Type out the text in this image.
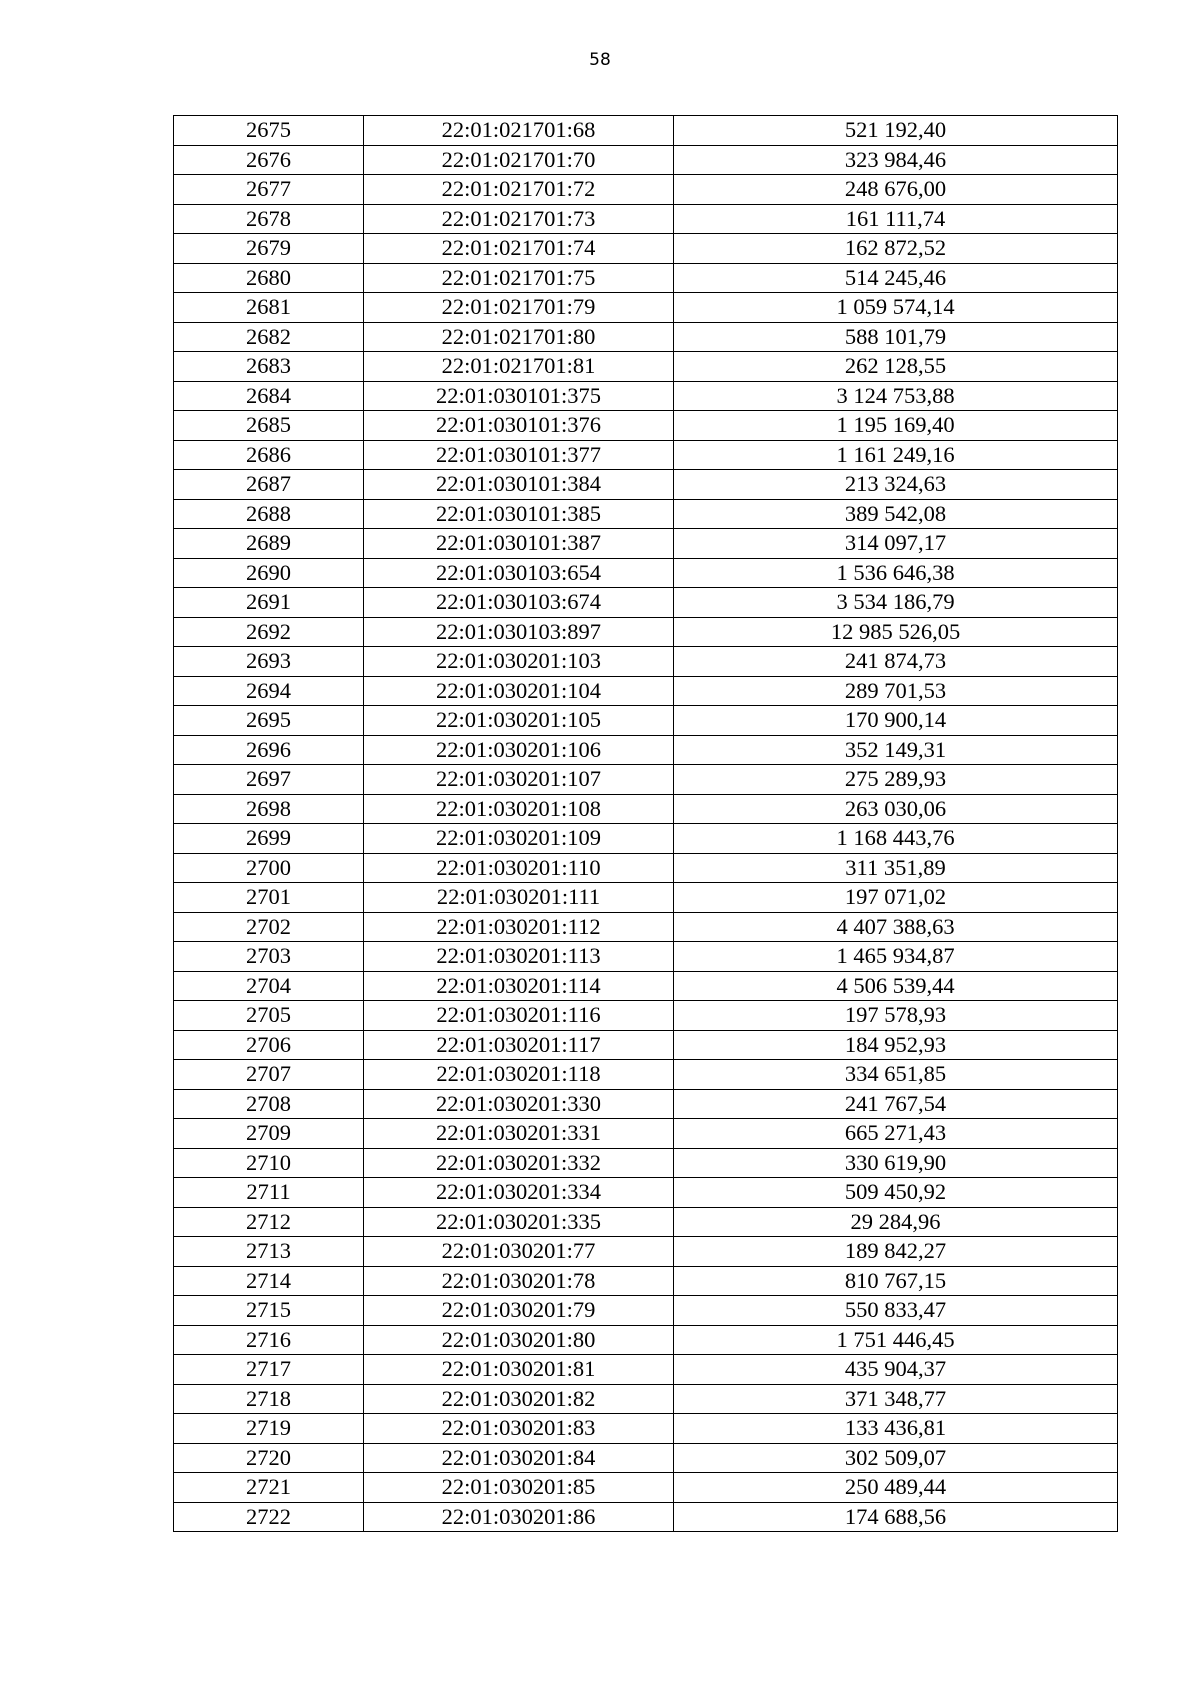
58
2675	22:01:021701:68	521 192,40
2676	22:01:021701:70	323 984,46
2677	22:01:021701:72	248 676,00
2678	22:01:021701:73	161 111,74
2679	22:01:021701:74	162 872,52
2680	22:01:021701:75	514 245,46
2681	22:01:021701:79	1 059 574,14
2682	22:01:021701:80	588 101,79
2683	22:01:021701:81	262 128,55
2684	22:01:030101:375	3 124 753,88
2685	22:01:030101:376	1 195 169,40
2686	22:01:030101:377	1 161 249,16
2687	22:01:030101:384	213 324,63
2688	22:01:030101:385	389 542,08
2689	22:01:030101:387	314 097,17
2690	22:01:030103:654	1 536 646,38
2691	22:01:030103:674	3 534 186,79
2692	22:01:030103:897	12 985 526,05
2693	22:01:030201:103	241 874,73
2694	22:01:030201:104	289 701,53
2695	22:01:030201:105	170 900,14
2696	22:01:030201:106	352 149,31
2697	22:01:030201:107	275 289,93
2698	22:01:030201:108	263 030,06
2699	22:01:030201:109	1 168 443,76
2700	22:01:030201:110	311 351,89
2701	22:01:030201:111	197 071,02
2702	22:01:030201:112	4 407 388,63
2703	22:01:030201:113	1 465 934,87
2704	22:01:030201:114	4 506 539,44
2705	22:01:030201:116	197 578,93
2706	22:01:030201:117	184 952,93
2707	22:01:030201:118	334 651,85
2708	22:01:030201:330	241 767,54
2709	22:01:030201:331	665 271,43
2710	22:01:030201:332	330 619,90
2711	22:01:030201:334	509 450,92
2712	22:01:030201:335	29 284,96
2713	22:01:030201:77	189 842,27
2714	22:01:030201:78	810 767,15
2715	22:01:030201:79	550 833,47
2716	22:01:030201:80	1 751 446,45
2717	22:01:030201:81	435 904,37
2718	22:01:030201:82	371 348,77
2719	22:01:030201:83	133 436,81
2720	22:01:030201:84	302 509,07
2721	22:01:030201:85	250 489,44
2722	22:01:030201:86	174 688,56
